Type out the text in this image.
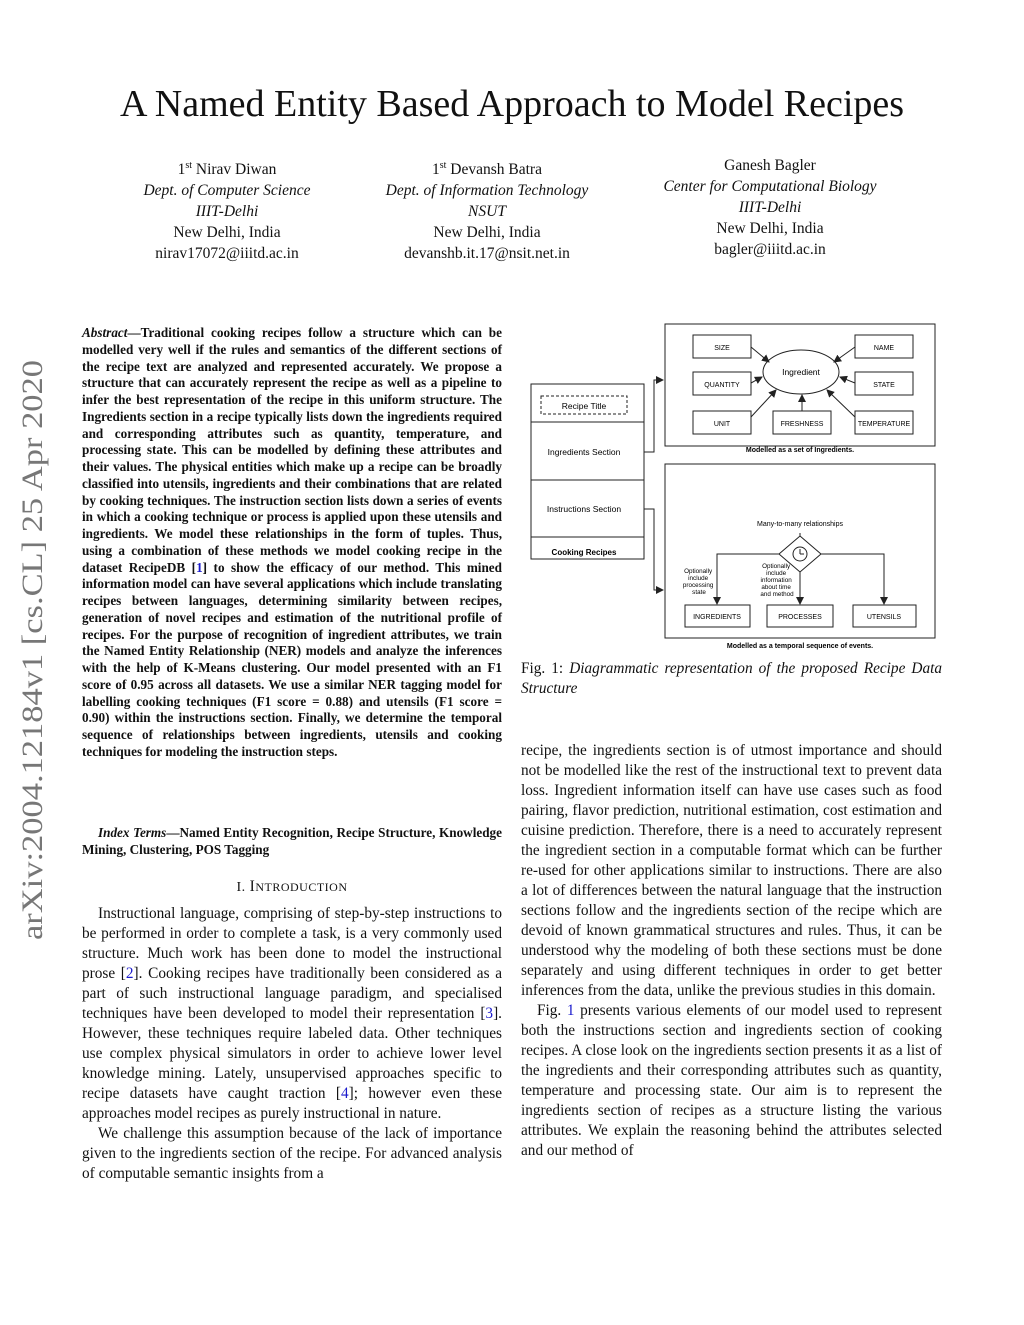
A Named Entity Based Approach to Model Recipes
1st Nirav Diwan
Dept. of Computer Science
IIIT-Delhi
New Delhi, India
nirav17072@iiitd.ac.in
1st Devansh Batra
Dept. of Information Technology
NSUT
New Delhi, India
devanshb.it.17@nsit.net.in
Ganesh Bagler
Center for Computational Biology
IIIT-Delhi
New Delhi, India
bagler@iiitd.ac.in
arXiv:2004.12184v1 [cs.CL] 25 Apr 2020
Abstract—Traditional cooking recipes follow a structure which can be modelled very well if the rules and semantics of the different sections of the recipe text are analyzed and represented accurately. We propose a structure that can accurately represent the recipe as well as a pipeline to infer the best representation of the recipe in this uniform structure. The Ingredients section in a recipe typically lists down the ingredients required and corresponding attributes such as quantity, temperature, and processing state. This can be modelled by defining these attributes and their values. The physical entities which make up a recipe can be broadly classified into utensils, ingredients and their combinations that are related by cooking techniques. The instruction section lists down a series of events in which a cooking technique or process is applied upon these utensils and ingredients. We model these relationships in the form of tuples. Thus, using a combination of these methods we model cooking recipe in the dataset RecipeDB [1] to show the efficacy of our method. This mined information model can have several applications which include translating recipes between languages, determining similarity between recipes, generation of novel recipes and estimation of the nutritional profile of recipes. For the purpose of recognition of ingredient attributes, we train the Named Entity Relationship (NER) models and analyze the inferences with the help of K-Means clustering. Our model presented with an F1 score of 0.95 across all datasets. We use a similar NER tagging model for labelling cooking techniques (F1 score = 0.88) and utensils (F1 score = 0.90) within the instructions section. Finally, we determine the temporal sequence of relationships between ingredients, utensils and cooking techniques for modeling the instruction steps.
Index Terms—Named Entity Recognition, Recipe Structure, Knowledge Mining, Clustering, POS Tagging
I. INTRODUCTION

Instructional language, comprising of step-by-step instructions to be performed in order to complete a task, is a very commonly used structure. Much work has been done to model the instructional prose [2]. Cooking recipes have traditionally been considered as a part of such instructional language paradigm, and specialised techniques have been developed to model their representation [3]. However, these techniques require labeled data. Other techniques use complex physical simulators in order to achieve lower level knowledge mining. Lately, unsupervised approaches specific to recipe datasets have caught traction [4]; however even these approaches model recipes as purely instructional in nature.

We challenge this assumption because of the lack of importance given to the ingredients section of the recipe. For advanced analysis of computable semantic insights from a

Recipe Title
Ingredients Section
Instructions Section
Cooking Recipes
SIZE	NAME
QUANTITY	STATE
UNIT	FRESHNESS	TEMPERATURE
Ingredient
Modelled as a set of Ingredients.
Many-to-many relationships
Optionally include processing state
Optionally include information about time and method
INGREDIENTS	PROCESSES	UTENSILS
Modelled as a temporal sequence of events.
Fig. 1: Diagrammatic representation of the proposed Recipe Data Structure

recipe, the ingredients section is of utmost importance and should not be modelled like the rest of the instructional text to prevent data loss. Ingredient information itself can have use cases such as food pairing, flavor prediction, nutritional estimation, cost estimation and cuisine prediction. Therefore, there is a need to accurately represent the ingredient section in a computable format which can be further re-used for other applications similar to instructions. There are also a lot of differences between the natural language that the instruction sections follow and the ingredients section of the recipe which are devoid of known grammatical structures and rules. Thus, it can be understood why the modeling of both these sections must be done separately and using different techniques in order to get better inferences from the data, unlike the previous studies in this domain.

Fig. 1 presents various elements of our model used to represent both the instructions section and ingredients section of cooking recipes. A close look on the ingredients section presents it as a list of the ingredients and their corresponding attributes such as quantity, temperature and processing state. Our aim is to represent the ingredients section of recipes as a structure listing the various attributes. We explain the reasoning behind the attributes selected and our method of
